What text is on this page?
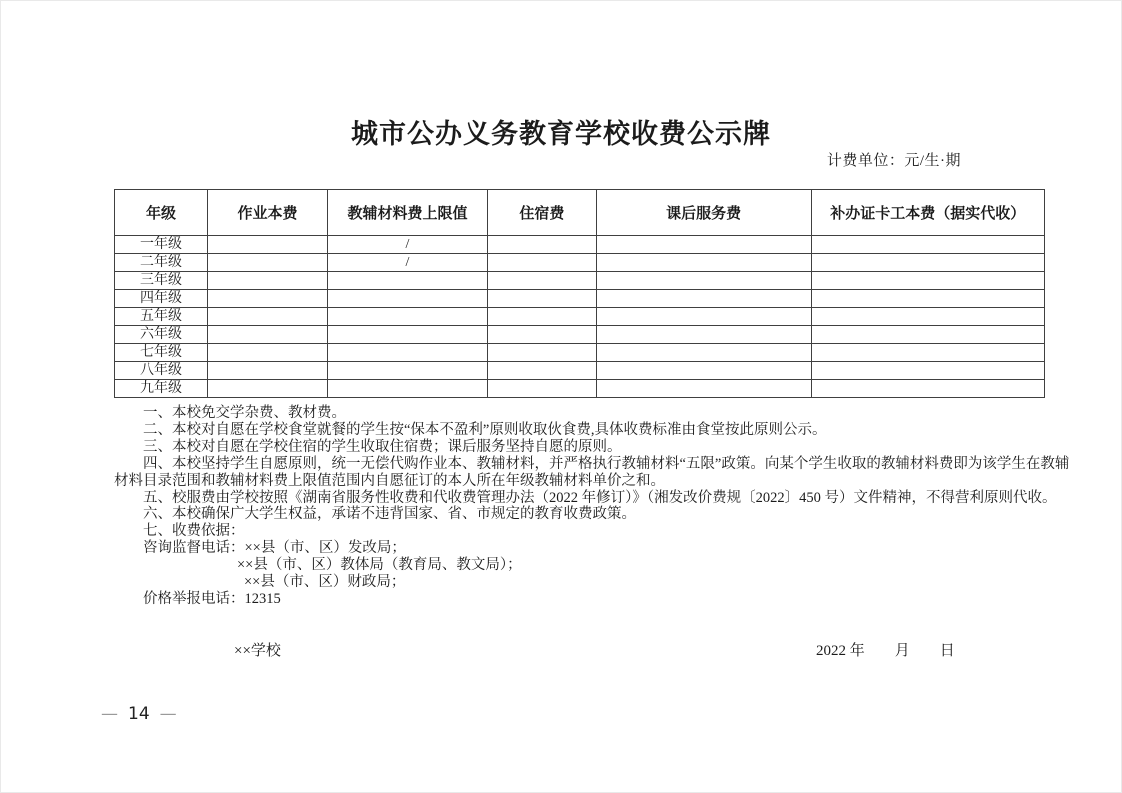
城市公办义务教育学校收费公示牌
计费单位：元/生·期
年级	作业本费	教辅材料费上限值	住宿费	课后服务费	补办证卡工本费（据实代收）
一年级		/			
二年级		/			
三年级					
四年级					
五年级					
六年级					
七年级					
八年级					
九年级					

一、本校免交学杂费、教材费。

二、本校对自愿在学校食堂就餐的学生按“保本不盈利”原则收取伙食费,具体收费标准由食堂按此原则公示。

三、本校对自愿在学校住宿的学生收取住宿费；课后服务坚持自愿的原则。

四、本校坚持学生自愿原则，统一无偿代购作业本、教辅材料，并严格执行教辅材料“五限”政策。向某个学生收取的教辅材料费即为该学生在教辅材料目录范围和教辅材料费上限值范围内自愿征订的本人所在年级教辅材料单价之和。

五、校服费由学校按照《湖南省服务性收费和代收费管理办法（2022 年修订）》（湘发改价费规〔2022〕450 号）文件精神，不得营利原则代收。

六、本校确保广大学生权益，承诺不违背国家、省、市规定的教育收费政策。

七、收费依据：

咨询监督电话：××县（市、区）发改局；

××县（市、区）教体局（教育局、教文局）；

××县（市、区）财政局；

价格举报电话：12315

××学校	2022 年　　月　　日
— 14 —
